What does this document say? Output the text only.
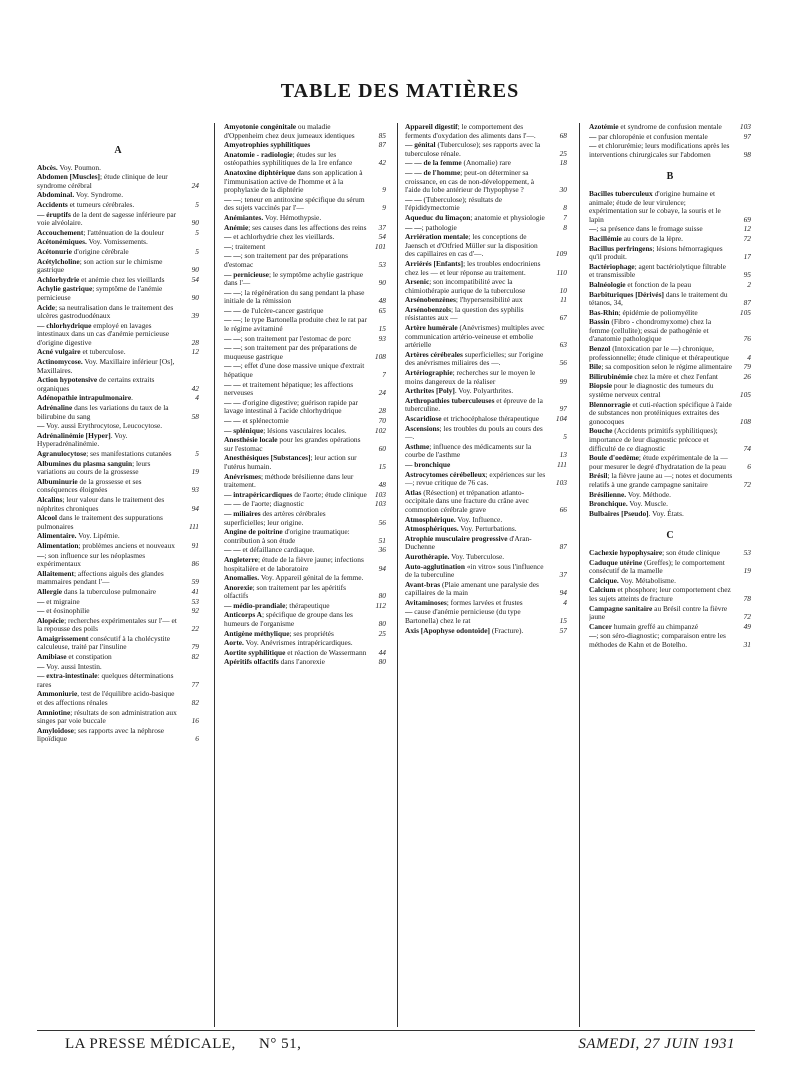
TABLE DES MATIÈRES
A
Abcès. Voy. Poumon.
Abdomen [Muscles]; étude clinique de leur syndrome cérébral	24
Abdominal. Voy. Syndrome.
Accidents et tumeurs cérébrales.	5
— éruptifs de la dent de sagesse inférieure par voie alvéolaire.	90
Accouchement; l'atténuation de la douleur	5
Acétonémiques. Voy. Vomissements.
Acétonurie d'origine cérébrale	5
Acétylcholine; son action sur le chimisme gastrique	90
Achlorhydrie et anémie chez les vieillards	54
Achylie gastrique; symptôme de l'anémie pernicieuse	90
Acide; sa neutralisation dans le traitement des ulcères gastroduodénaux	39
— chlorhydrique employé en lavages intestinaux dans un cas d'anémie pernicieuse d'origine digestive	28
Acné vulgaire et tuberculose.	12
Actinomycose. Voy. Maxillaire inférieur [Os], Maxillaires.
Action hypotensive de certains extraits organiques	42
Adénopathie intrapulmonaire.	4
Adrénaline dans les variations du taux de la bilirubine du sang	58
— Voy. aussi Erythrocytose, Leucocytose.
Adrénalinémie [Hyper]. Voy. Hyperadrénalinémie.
Agranulocytose; ses manifestations cutanées	5
Albumines du plasma sanguin; leurs variations au cours de la grossesse	19
Albuminurie de la grossesse et ses conséquences éloignées	93
Alcalins; leur valeur dans le traitement des néphrites chroniques	94
Alcool dans le traitement des suppurations pulmonaires	111
Alimentaire. Voy. Lipémie.
Alimentation; problèmes anciens et nouveaux 91
—; son influence sur les néoplasmes expérimentaux	86
Allaitement; affections aiguës des glandes mammaires pendant l'—	59
Allergie dans la tuberculose pulmonaire	41
— et migraine	53
— et éosinophilie	92
Alopécie; recherches expérimentales sur l'— et la repousse des poils	22
Amaigrissement consécutif à la cholécystite calculeuse, traité par l'insuline	79
Amibiase et constipation	82
— Voy. aussi Intestin.
— extra-intestinale: quelques déterminations rares	77
Ammoniurie, test de l'équilibre acido-basique et des affections rénales	82
Amniotine; résultats de son administration aux singes par voie buccale	16
Amyloïdose; ses rapports avec la néphrose lipoïdique	6
Amyotonie congénitale ou maladie d'Oppenheim chez deux jumeaux identiques	85
Amyotrophies syphilitiques	87
Anatomie - radiologie; études sur les ostéopathies syphilitiques de la 1re enfance	42
Anatoxine diphtérique dans son application à l'immunisation active de l'homme et à la prophylaxie de la diphtérie	9
— —; teneur en antitoxine spécifique du sérum des sujets vaccinés par l'—	9
Anémiantes. Voy. Hémothypsie.
Anémie; ses causes dans les affections des reins 37
— et achlorhydrie chez les vieillards.	54
—; traitement	101
— —; son traitement par des préparations d'estomac	53
— pernicieuse; le symptôme achylie gastrique dans l'—	90
— —; la régénération du sang pendant la phase initiale de la rémission	48
— — de l'ulcère-cancer gastrique	65
— —; le type Bartonella produite chez le rat par le régime avitaminé	15
— —; son traitement par l'estomac de porc	93
— —; son traitement par des préparations de muqueuse gastrique	108
— —; effet d'une dose massive unique d'extrait hépatique	7
— — et traitement hépatique; les affections nerveuses	24
— — d'origine digestive; guérison rapide par lavage intestinal à l'acide chlorhydrique	28
— — et splénectomie	70
— splénique; lésions vasculaires locales.	102
Anesthésie locale pour les grandes opérations sur l'estomac	60
Anesthésiques [Substances]; leur action sur l'utérus humain.	15
Anévrismes; méthode brésilienne dans leur traitement.	48
— intrapéricardiques de l'aorte; étude clinique 103
— — de l'aorte; diagnostic	103
— miliaires des artères cérébrales superficielles; leur origine.	56
Angine de poitrine d'origine traumatique: contribution à son étude	51
— — et défaillance cardiaque.	36
Angleterre; étude de la fièvre jaune; infections hospitalière et de laboratoire	94
Anomalies. Voy. Appareil génital de la femme.
Anorexie; son traitement par les apéritifs olfactifs	80
— médio-prandiale; thérapeutique	112
Anticorps A; spécifique de groupe dans les humeurs de l'organisme	80
Antigène méthylique; ses propriétés	25
Aorte. Voy. Anévrismes intrapéricardiques.
Aortite syphilitique et réaction de Wassermann 44
Apéritifs olfactifs dans l'anorexie	80
Appareil digestif; le comportement des ferments d'oxydation des aliments dans l'—.	68
— génital (Tuberculose); ses rapports avec la tuberculose rénale.	25
— — de la femme (Anomalie) rare	18
— — de l'homme; peut-on déterminer sa croissance, en cas de non-développement, à l'aide du lobe antérieur de l'hypophyse ?	30
— — (Tuberculose); résultats de l'épididymectomie	8
Aqueduc du limaçon; anatomie et physiologie 7
— —; pathologie	8
Arriération mentale; les conceptions de Jaensch et d'Otfried Müller sur la disposition des capillaires en cas d'—.	109
Arriérés [Enfants]; les troubles endocriniens chez les — et leur réponse au traitement.	110
Arsenic; son incompatibilité avec la chimiothérapie aurique de la tuberculose	10
Arsénobenzènes; l'hypersensibilité aux	11
Arsénobenzols; la question des syphilis résistantes aux —	67
Artère humérale (Anévrismes) multiples avec communication artério-veineuse et embolie artérielle	63
Artères cérébrales superficielles; sur l'origine des anévrismes miliaires des —.	56
Artériographie; recherches sur le moyen le moins dangereux de la réaliser	99
Arthrites [Poly]. Voy. Polyarthrites.
Arthropathies tuberculeuses et épreuve de la tuberculine.	97
Ascaridiose et trichocéphalose thérapeutique 104
Ascensions; les troubles du pouls au cours des —.	5
Asthme; influence des médicaments sur la courbe de l'asthme	13
— bronchique	111
Astrocytomes cérébelleux; expériences sur les —; revue critique de 76 cas.	103
Atlas (Résection) et trépanation atlanto-occipitale dans une fracture du crâne avec commotion cérébrale grave	66
Atmosphérique. Voy. Influence.
Atmosphériques. Voy. Perturbations.
Atrophie musculaire progressive d'Aran-Duchenne	87
Aurothérapie. Voy. Tuberculose.
Auto-agglutination «in vitro» sous l'influence de la tuberculine	37
Avant-bras (Plaie amenant une paralysie des capillaires de la main	94
Avitaminoses; formes larvées et frustes	4
— cause d'anémie pernicieuse (du type Bartonella) chez le rat	15
Axis [Apophyse odontoïde] (Fracture).	57
Azotémie et syndrome de confusion mentale 103
— par chloropénie et confusion mentale	97
— et chlorurémie; leurs modifications après les interventions chirurgicales sur l'abdomen	98
B
Bacilles tuberculeux d'origine humaine et animale; étude de leur virulence; expérimentation sur le cobaye, la souris et le lapin	69
—; sa présence dans le fromage suisse	12
Bacillémie au cours de la lèpre.	72
Bacillus perfringens; lésions hémorragiques qu'il produit.	17
Bactériophage; agent bactériolytique filtrable et transmissible	95
Balnéologie et fonction de la peau	2
Barbituriques [Dérivés] dans le traitement du tétanos, 34,	87
Bas-Rhin; épidémie de poliomyélite	105
Bassin (Fibro - chondromyxome) chez la femme (cellulite); essai de pathogénie et d'anatomie pathologique	76
Benzol (Intoxication par le —) chronique, professionnelle; étude clinique et thérapeutique 4
Bile; sa composition selon le régime alimentaire 79
Bilirubinémie chez la mère et chez l'enfant	26
Biopsie pour le diagnostic des tumeurs du système nerveux central	105
Blennorragie et cuti-réaction spécifique à l'aide de substances non protéiniques extraites des gonocoques	108
Bouche (Accidents primitifs syphilitiques); importance de leur diagnostic précoce et difficulté de ce diagnostic	74
Boule d'oedème; étude expérimentale de la — pour mesurer le degré d'hydratation de la peau	6
Brésil; la fièvre jaune au —; notes et documents relatifs à une grande campagne sanitaire	72
Brésilienne. Voy. Méthode.
Bronchique. Voy. Muscle.
Bulbaires [Pseudo]. Voy. États.
C
Cachexie hypophysaire; son étude clinique	53
Caduque utérine (Greffes); le comportement consécutif de la mamelle	19
Calcique. Voy. Métabolisme.
Calcium et phosphore; leur comportement chez les sujets atteints de fracture	78
Campagne sanitaire au Brésil contre la fièvre jaune	72
Cancer humain greffé au chimpanzé	49
—; son séro-diagnostic; comparaison entre les méthodes de Kahn et de Botelho.	31
LA PRESSE MÉDICALE, N° 51,	SAMEDI, 27 JUIN 1931
